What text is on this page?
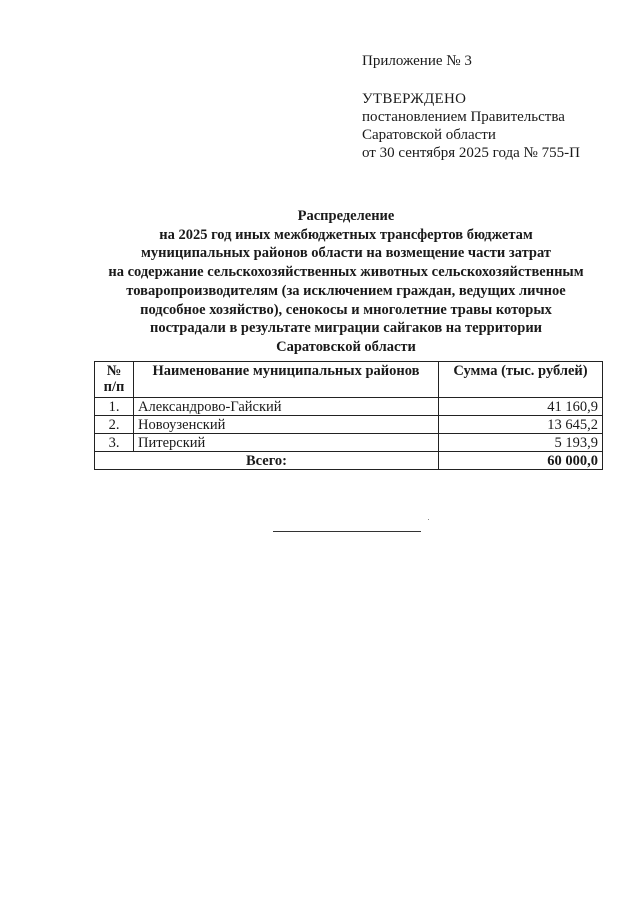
Приложение № 3
УТВЕРЖДЕНО
постановлением Правительства
Саратовской области
от 30 сентября 2025 года № 755-П
Распределение
на 2025 год иных межбюджетных трансфертов бюджетам
муниципальных районов области на возмещение части затрат
на содержание сельскохозяйственных животных сельскохозяйственным
товаропроизводителям (за исключением граждан, ведущих личное
подсобное хозяйство), сенокосы и многолетние травы которых
пострадали в результате миграции сайгаков на территории
Саратовской области
№
п/п	Наименование муниципальных районов	Сумма (тыс. рублей)
1.	Александрово-Гайский	41 160,9
2.	Новоузенский	13 645,2
3.	Питерский	5 193,9
Всего:		60 000,0
